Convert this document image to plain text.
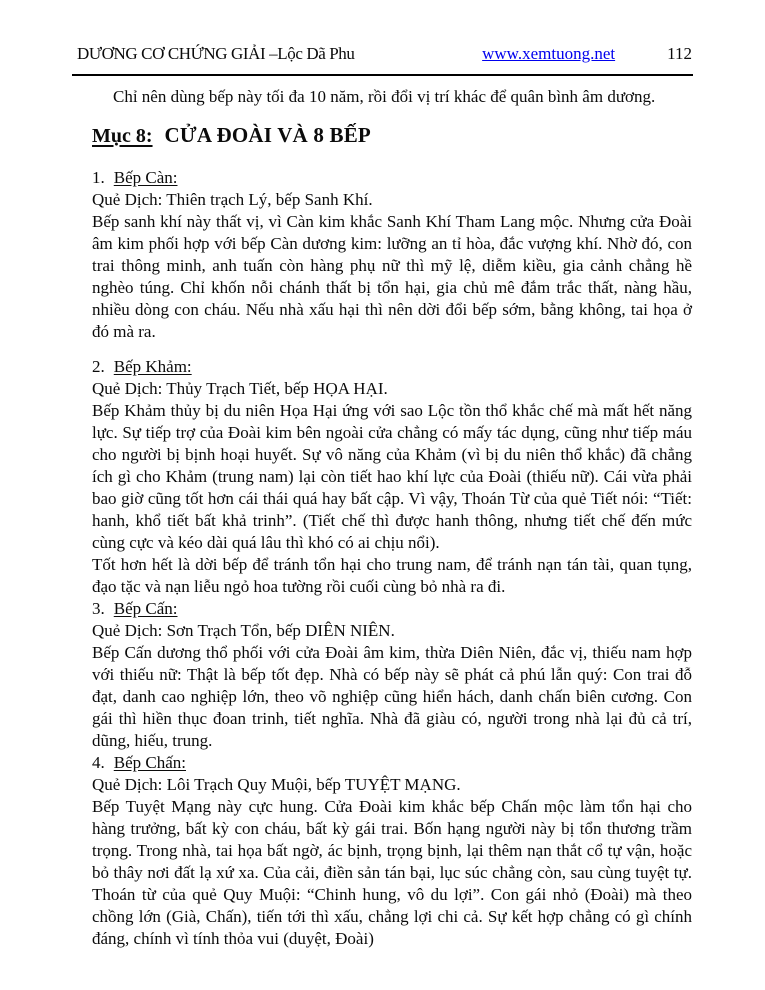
DƯƠNG CƠ CHỨNG GIẢI –Lộc Dã Phu	www.xemtuong.net	112

Chỉ nên dùng bếp này tối đa 10 năm, rồi đổi vị trí khác để quân bình âm dương.

Mục 8: CỬA ĐOÀI VÀ 8 BẾP

1. Bếp Càn:

Quẻ Dịch: Thiên trạch Lý, bếp Sanh Khí.

Bếp sanh khí này thất vị, vì Càn kim khắc Sanh Khí Tham Lang mộc. Nhưng cửa Đoài âm kim phối hợp với bếp Càn dương kim: lưỡng an tỉ hòa, đắc vượng khí. Nhờ đó, con trai thông minh, anh tuấn còn hàng phụ nữ thì mỹ lệ, diễm kiều, gia cảnh chẳng hề nghèo túng. Chỉ khốn nỗi chánh thất bị tổn hại, gia chủ mê đắm trắc thất, nàng hầu, nhiều dòng con cháu. Nếu nhà xấu hại thì nên dời đổi bếp sớm, bằng không, tai họa ở đó mà ra.

2. Bếp Khảm:

Quẻ Dịch: Thủy Trạch Tiết, bếp HỌA HẠI.

Bếp Khảm thủy bị du niên Họa Hại ứng với sao Lộc tồn thổ khắc chế mà mất hết năng lực. Sự tiếp trợ của Đoài kim bên ngoài cửa chẳng có mấy tác dụng, cũng như tiếp máu cho người bị bịnh hoại huyết. Sự vô năng của Khảm (vì bị du niên thổ khắc) đã chẳng ích gì cho Khảm (trung nam) lại còn tiết hao khí lực của Đoài (thiếu nữ). Cái vừa phải bao giờ cũng tốt hơn cái thái quá hay bất cập. Vì vậy, Thoán Từ của quẻ Tiết nói: “Tiết: hanh, khổ tiết bất khả trinh”. (Tiết chế thì được hanh thông, nhưng tiết chế đến mức cùng cực và kéo dài quá lâu thì khó có ai chịu nổi).

Tốt hơn hết là dời bếp để tránh tổn hại cho trung nam, để tránh nạn tán tài, quan tụng, đạo tặc và nạn liễu ngỏ hoa tường rồi cuối cùng bỏ nhà ra đi.

3. Bếp Cấn:

Quẻ Dịch: Sơn Trạch Tổn, bếp DIÊN NIÊN.

Bếp Cấn dương thổ phối với cửa Đoài âm kim, thừa Diên Niên, đắc vị, thiếu nam hợp với thiếu nữ: Thật là bếp tốt đẹp. Nhà có bếp này sẽ phát cả phú lẫn quý: Con trai đỗ đạt, danh cao nghiệp lớn, theo võ nghiệp cũng hiển hách, danh chấn biên cương. Con gái thì hiền thục đoan trinh, tiết nghĩa. Nhà đã giàu có, người trong nhà lại đủ cả trí, dũng, hiếu, trung.

4. Bếp Chấn:

Quẻ Dịch: Lôi Trạch Quy Muội, bếp TUYỆT MẠNG.

Bếp Tuyệt Mạng này cực hung. Cửa Đoài kim khắc bếp Chấn mộc làm tổn hại cho hàng trưởng, bất kỳ con cháu, bất kỳ gái trai. Bốn hạng người này bị tổn thương trầm trọng. Trong nhà, tai họa bất ngờ, ác bịnh, trọng bịnh, lại thêm nạn thắt cổ tự vận, hoặc bỏ thây nơi đất lạ xứ xa. Của cải, điền sản tán bại, lục súc chẳng còn, sau cùng tuyệt tự. Thoán từ của quẻ Quy Muội: “Chinh hung, vô du lợi”. Con gái nhỏ (Đoài) mà theo chồng lớn (Già, Chấn), tiến tới thì xấu, chẳng lợi chi cả. Sự kết hợp chẳng có gì chính đáng, chính vì tính thỏa vui (duyệt, Đoài)
